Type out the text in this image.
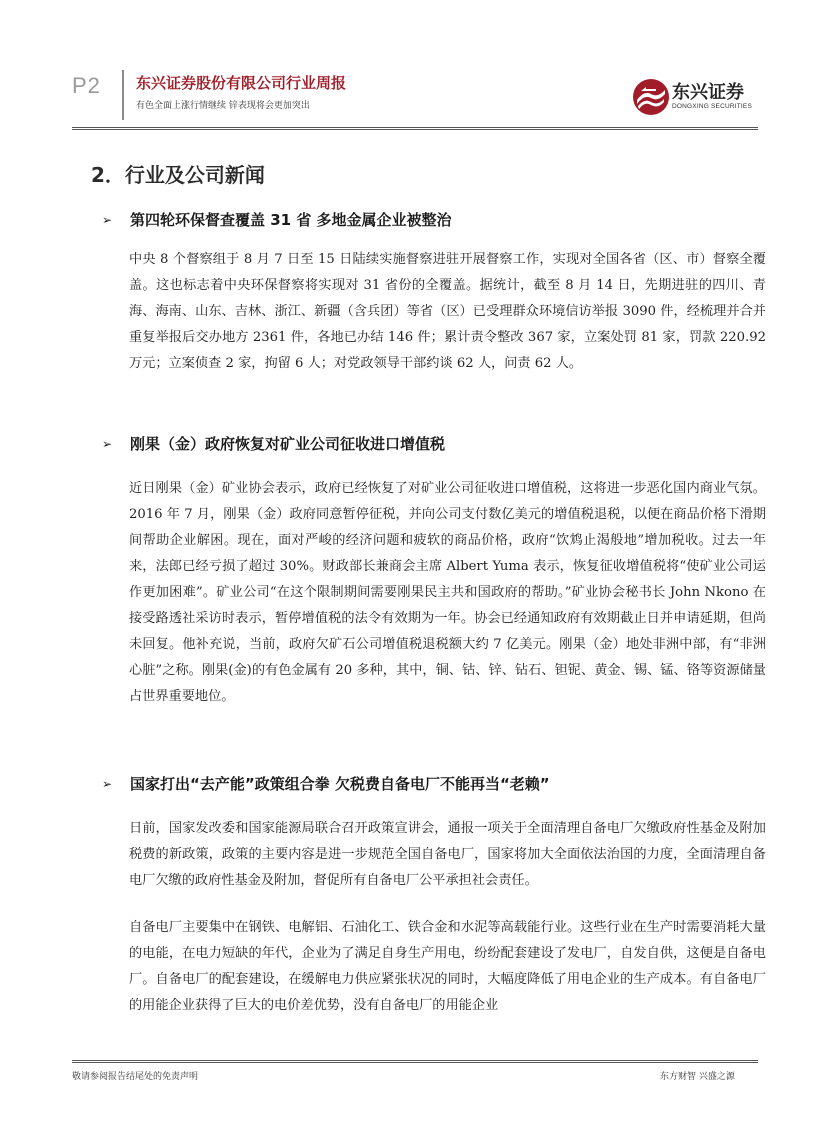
P2 东兴证券股份有限公司行业周报
有色全面上涨行情继续 锌表现将会更加突出
东兴证券
DONGXING SECURITIES
2．行业及公司新闻
➢ 第四轮环保督查覆盖 31 省 多地金属企业被整治
中央 8 个督察组于 8 月 7 日至 15 日陆续实施督察进驻开展督察工作，实现对全国各省（区、市）督察全覆盖。这也标志着中央环保督察将实现对 31 省份的全覆盖。据统计，截至 8 月 14 日，先期进驻的四川、青海、海南、山东、吉林、浙江、新疆（含兵团）等省（区）已受理群众环境信访举报 3090 件，经梳理并合并重复举报后交办地方 2361 件，各地已办结 146 件；累计责令整改 367 家，立案处罚 81 家，罚款 220.92 万元；立案侦查 2 家，拘留 6 人；对党政领导干部约谈 62 人，问责 62 人。
➢ 刚果（金）政府恢复对矿业公司征收进口增值税
近日刚果（金）矿业协会表示，政府已经恢复了对矿业公司征收进口增值税，这将进一步恶化国内商业气氛。2016 年 7 月，刚果（金）政府同意暂停征税，并向公司支付数亿美元的增值税退税，以便在商品价格下滑期间帮助企业解困。现在，面对严峻的经济问题和疲软的商品价格，政府“饮鸩止渴般地”增加税收。过去一年来，法郎已经亏损了超过 30%。财政部长兼商会主席 Albert Yuma 表示，恢复征收增值税将“使矿业公司运作更加困难”。矿业公司“在这个限制期间需要刚果民主共和国政府的帮助。”矿业协会秘书长 John Nkono 在接受路透社采访时表示，暂停增值税的法令有效期为一年。协会已经通知政府有效期截止日并申请延期，但尚未回复。他补充说，当前，政府欠矿石公司增值税退税额大约 7 亿美元。刚果（金）地处非洲中部，有“非洲心脏”之称。刚果(金)的有色金属有 20 多种，其中，铜、钴、锌、钻石、钽铌、黄金、锡、锰、铬等资源储量占世界重要地位。
➢ 国家打出“去产能”政策组合拳 欠税费自备电厂不能再当“老赖”
日前，国家发改委和国家能源局联合召开政策宣讲会，通报一项关于全面清理自备电厂欠缴政府性基金及附加税费的新政策，政策的主要内容是进一步规范全国自备电厂，国家将加大全面依法治国的力度，全面清理自备电厂欠缴的政府性基金及附加，督促所有自备电厂公平承担社会责任。
自备电厂主要集中在钢铁、电解铝、石油化工、铁合金和水泥等高载能行业。这些行业在生产时需要消耗大量的电能，在电力短缺的年代，企业为了满足自身生产用电，纷纷配套建设了发电厂，自发自供，这便是自备电厂。自备电厂的配套建设，在缓解电力供应紧张状况的同时，大幅度降低了用电企业的生产成本。有自备电厂的用能企业获得了巨大的电价差优势，没有自备电厂的用能企业
敬请参阅报告结尾处的免责声明	东方财智 兴盛之源
